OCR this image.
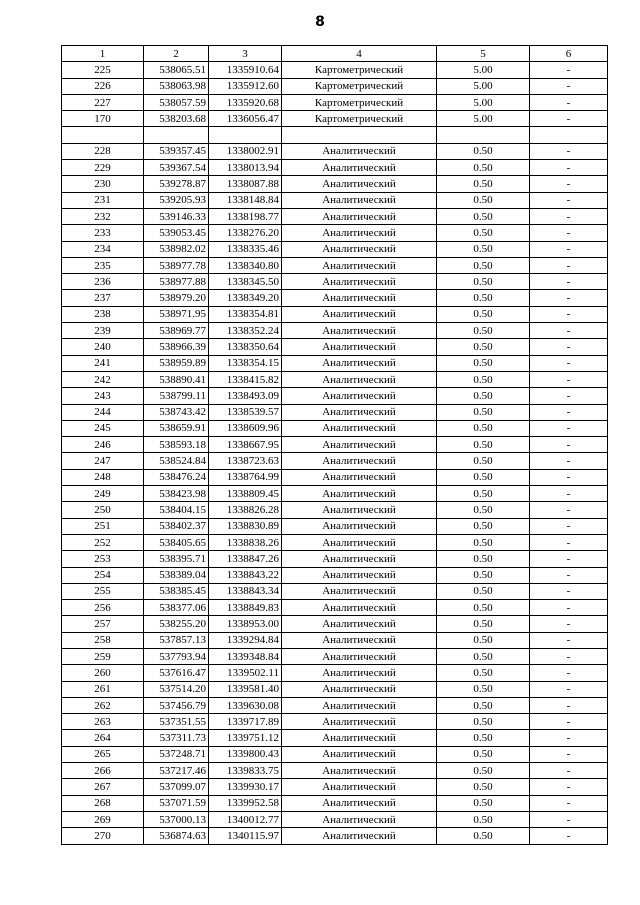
8
1	2	3	4	5	6
225	538065.51	1335910.64	Картометрический	5.00	-
226	538063.98	1335912.60	Картометрический	5.00	-
227	538057.59	1335920.68	Картометрический	5.00	-
170	538203.68	1336056.47	Картометрический	5.00	-

228	539357.45	1338002.91	Аналитический	0.50	-
229	539367.54	1338013.94	Аналитический	0.50	-
230	539278.87	1338087.88	Аналитический	0.50	-
231	539205.93	1338148.84	Аналитический	0.50	-
232	539146.33	1338198.77	Аналитический	0.50	-
233	539053.45	1338276.20	Аналитический	0.50	-
234	538982.02	1338335.46	Аналитический	0.50	-
235	538977.78	1338340.80	Аналитический	0.50	-
236	538977.88	1338345.50	Аналитический	0.50	-
237	538979.20	1338349.20	Аналитический	0.50	-
238	538971.95	1338354.81	Аналитический	0.50	-
239	538969.77	1338352.24	Аналитический	0.50	-
240	538966.39	1338350.64	Аналитический	0.50	-
241	538959.89	1338354.15	Аналитический	0.50	-
242	538890.41	1338415.82	Аналитический	0.50	-
243	538799.11	1338493.09	Аналитический	0.50	-
244	538743.42	1338539.57	Аналитический	0.50	-
245	538659.91	1338609.96	Аналитический	0.50	-
246	538593.18	1338667.95	Аналитический	0.50	-
247	538524.84	1338723.63	Аналитический	0.50	-
248	538476.24	1338764.99	Аналитический	0.50	-
249	538423.98	1338809.45	Аналитический	0.50	-
250	538404.15	1338826.28	Аналитический	0.50	-
251	538402.37	1338830.89	Аналитический	0.50	-
252	538405.65	1338838.26	Аналитический	0.50	-
253	538395.71	1338847.26	Аналитический	0.50	-
254	538389.04	1338843.22	Аналитический	0.50	-
255	538385.45	1338843.34	Аналитический	0.50	-
256	538377.06	1338849.83	Аналитический	0.50	-
257	538255.20	1338953.00	Аналитический	0.50	-
258	537857.13	1339294.84	Аналитический	0.50	-
259	537793.94	1339348.84	Аналитический	0.50	-
260	537616.47	1339502.11	Аналитический	0.50	-
261	537514.20	1339581.40	Аналитический	0.50	-
262	537456.79	1339630.08	Аналитический	0.50	-
263	537351.55	1339717.89	Аналитический	0.50	-
264	537311.73	1339751.12	Аналитический	0.50	-
265	537248.71	1339800.43	Аналитический	0.50	-
266	537217.46	1339833.75	Аналитический	0.50	-
267	537099.07	1339930.17	Аналитический	0.50	-
268	537071.59	1339952.58	Аналитический	0.50	-
269	537000.13	1340012.77	Аналитический	0.50	-
270	536874.63	1340115.97	Аналитический	0.50	-
